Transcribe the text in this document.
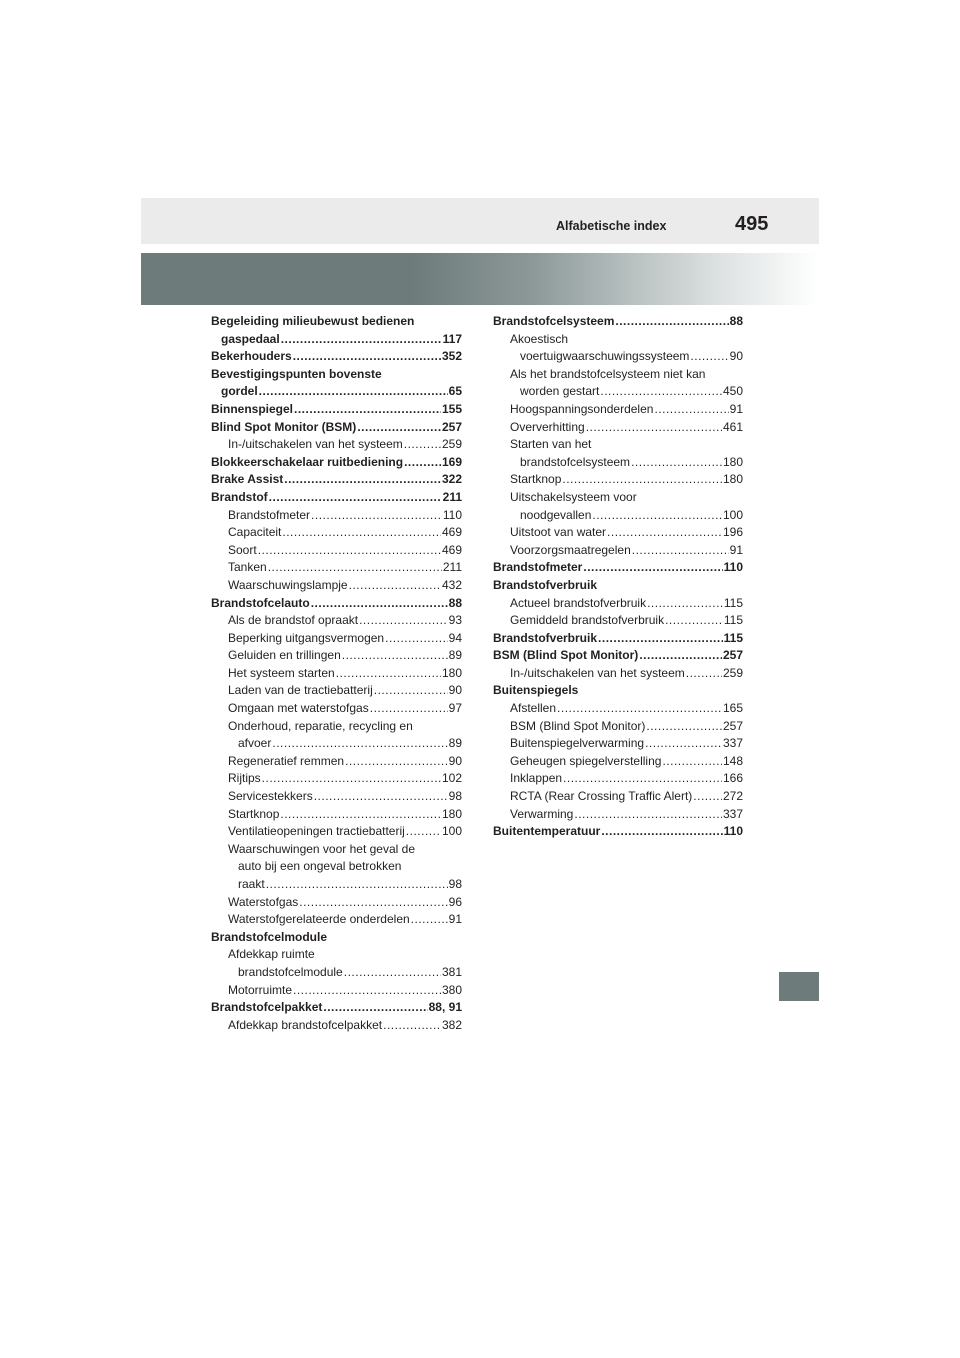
Alfabetische index	495
Begeleiding milieubewust bedienen
gaspedaal .....	117
Bekerhouders .....	352
Bevestigingspunten bovenste
gordel .....	65
Binnenspiegel .....	155
Blind Spot Monitor (BSM) .....	257
In-/uitschakelen van het systeem .....	259
Blokkeerschakelaar ruitbediening .....	169
Brake Assist .....	322
Brandstof .....	211
Brandstofmeter .....	110
Capaciteit .....	469
Soort .....	469
Tanken .....	211
Waarschuwingslampje .....	432
Brandstofcelauto .....	88
Als de brandstof opraakt .....	93
Beperking uitgangsvermogen .....	94
Geluiden en trillingen .....	89
Het systeem starten .....	180
Laden van de tractiebatterij .....	90
Omgaan met waterstofgas .....	97
Onderhoud, reparatie, recycling en
afvoer .....	89
Regeneratief remmen .....	90
Rijtips .....	102
Servicestekkers .....	98
Startknop .....	180
Ventilatieopeningen tractiebatterij .....	100
Waarschuwingen voor het geval de
auto bij een ongeval betrokken
raakt .....	98
Waterstofgas .....	96
Waterstofgerelateerde onderdelen .....	91
Brandstofcelmodule
Afdekkap ruimte
brandstofcelmodule .....	381
Motorruimte .....	380
Brandstofcelpakket .....	88, 91
Afdekkap brandstofcelpakket .....	382
Brandstofcelsysteem .....	88
Akoestisch
voertuigwaarschuwingssysteem .....	90
Als het brandstofcelsysteem niet kan
worden gestart .....	450
Hoogspanningsonderdelen .....	91
Oververhitting .....	461
Starten van het
brandstofcelsysteem .....	180
Startknop .....	180
Uitschakelsysteem voor
noodgevallen .....	100
Uitstoot van water .....	196
Voorzorgsmaatregelen .....	91
Brandstofmeter .....	110
Brandstofverbruik
Actueel brandstofverbruik .....	115
Gemiddeld brandstofverbruik .....	115
Brandstofverbruik .....	115
BSM (Blind Spot Monitor) .....	257
In-/uitschakelen van het systeem .....	259
Buitenspiegels
Afstellen .....	165
BSM (Blind Spot Monitor) .....	257
Buitenspiegelverwarming .....	337
Geheugen spiegelverstelling .....	148
Inklappen .....	166
RCTA (Rear Crossing Traffic Alert) .....	272
Verwarming .....	337
Buitentemperatuur .....	110
